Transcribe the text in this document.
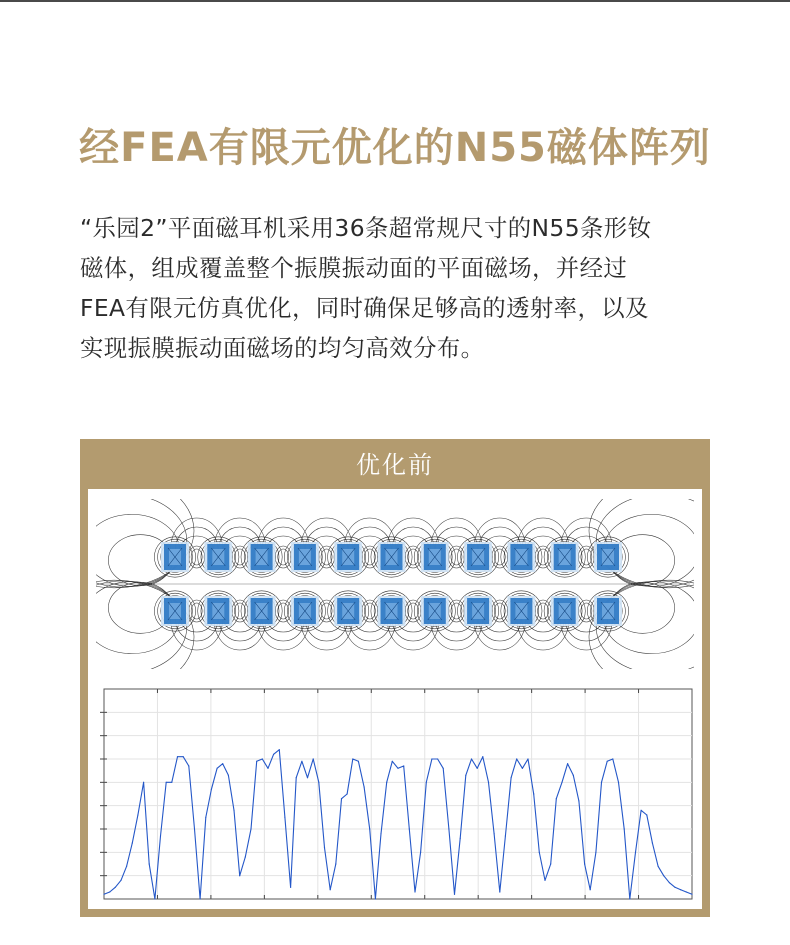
经FEA有限元优化的N55磁体阵列

“乐园2”平面磁耳机采用36条超常规尺寸的N55条形钕

磁体，组成覆盖整个振膜振动面的平面磁场，并经过

FEA有限元仿真优化，同时确保足够高的透射率，以及

实现振膜振动面磁场的均匀高效分布。

优化前
